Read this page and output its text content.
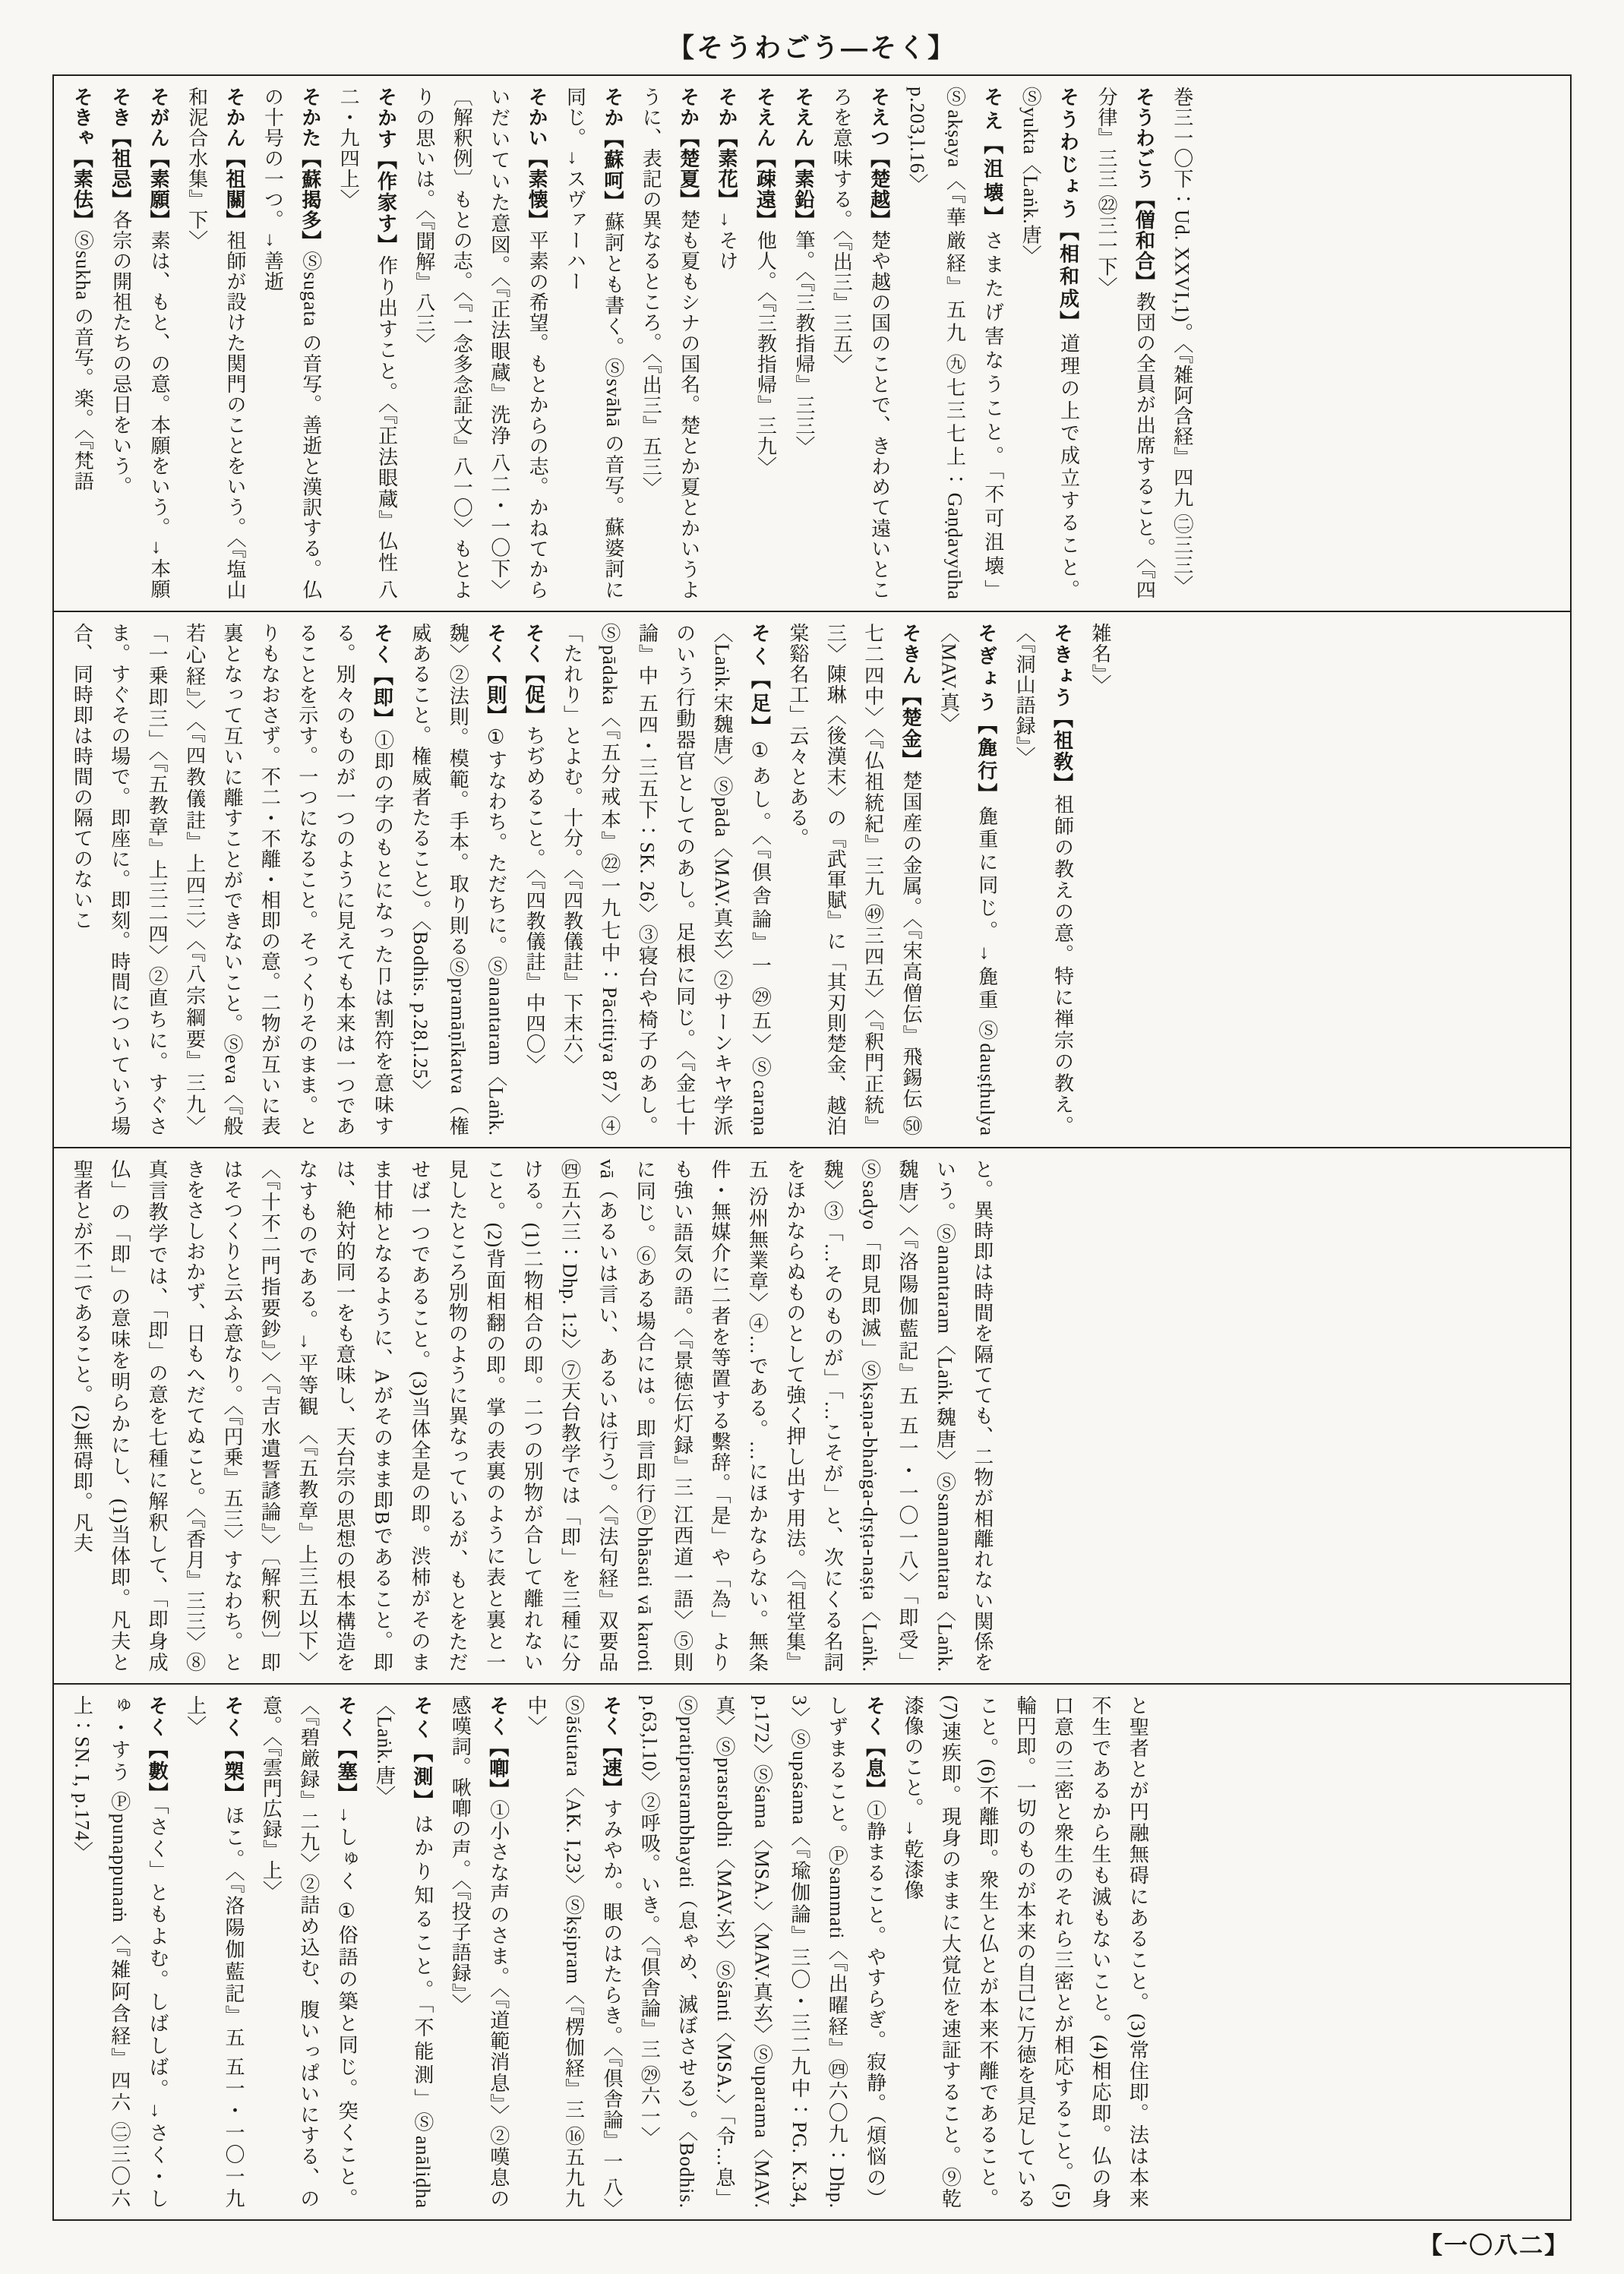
【そうわごう―そく】
巻三一〇下：Ud. XXVI,1)。〈『雑阿含経』四九 ㊁三三〉
そうわごう【僧和合】教団の全員が出席すること。〈『四分律』三三 ㉒三一下〉
そうわじょう【相和成】道理の上で成立すること。Ⓢyukta〈Laṅk.唐〉
そえ【沮壊】さまたげ害なうこと。「不可沮壊」Ⓢakṣaya〈『華厳経』五九 ㊈七三七上：Gaṇḍavyūha p.203,l.16〉
そえつ【楚越】楚や越の国のことで、きわめて遠いところを意味する。〈『出三』三五〉
そえん【素鉛】筆。〈『三教指帰』三三〉
そえん【疎遠】他人。〈『三教指帰』三九〉
そか【素花】→そけ
そか【楚夏】楚も夏もシナの国名。楚とか夏とかいうように、表記の異なるところ。〈『出三』五三〉
そか【蘇呵】蘇訶とも書く。Ⓢsvāhā の音写。蘇婆訶に同じ。→スヴァーハー
そかい【素懐】平素の希望。もとからの志。かねてからいだいていた意図。〈『正法眼蔵』洗浄 八二・一〇下〉〔解釈例〕もとの志。〈『一念多念証文』八一〇〉もとよりの思いは。〈『聞解』八三〉
そかす【作家す】作り出すこと。〈『正法眼蔵』仏性 八二・九四上〉
そかた【蘇揭多】Ⓢsugata の音写。善逝と漢訳する。仏の十号の一つ。→善逝
そかん【祖關】祖師が設けた関門のことをいう。〈『塩山和泥合水集』下〉
そがん【素願】素は、もと、の意。本願をいう。→本願
そき【祖忌】各宗の開祖たちの忌日をいう。
そきゃ【素佉】Ⓢsukha の音写。楽。〈『梵語
雑名』〉
そきょう【祖敎】祖師の教えの意。特に禅宗の教え。〈『洞山語録』〉
そぎょう【麁行】麁重に同じ。→麁重 Ⓢdauṣṭhulya〈MAV.真〉
そきん【楚金】楚国産の金属。〈『宋高僧伝』飛錫伝 ㊿七二四中〉〈『仏祖統紀』三九 ㊾三四五〉〈『釈門正統』三〉陳琳〈後漢末〉の『武軍賦』に「其刃則楚金、越泊棠谿名工」云々とある。
そく【足】①あし。〈『倶舎論』一 ㉙五〉Ⓢcaraṇa〈Laṅk.宋魏唐〉Ⓢpāda〈MAV.真玄〉②サーンキヤ学派のいう行動器官としてのあし。足根に同じ。〈『金七十論』中 五四・三五下：SK. 26〉③寝台や椅子のあし。Ⓢpādaka〈『五分戒本』㉒一九七中：Pācittiya 87〉④「たれり」とよむ。十分。〈『四教儀註』下末六〉
そく【促】ちぢめること。〈『四教儀註』中四〇〉
そく【則】①すなわち。ただちに。Ⓢanantaram〈Laṅk.魏〉②法則。模範。手本。取り則るⓈpramāṇīkatva（権威あること。権威者たること）。〈Bodhis. p.28,l.25〉
そく【即】①即の字のもとになった卩は割符を意味する。別々のものが一つのように見えても本来は一つであることを示す。一つになること。そっくりそのまま。とりもなおさず。不二・不離・相即の意。二物が互いに表裏となって互いに離すことができないこと。Ⓢeva〈『般若心経』〉〈『四教儀註』上四三〉〈『八宗綱要』三九〉「一乗即三」〈『五教章』上三二四〉②直ちに。すぐさま。すぐその場で。即座に。即刻。時間についていう場合、同時即は時間の隔てのないこ
と。異時即は時間を隔てても、二物が相離れない関係をいう。Ⓢanantaram〈Laṅk.魏唐〉Ⓢsamanantara〈Laṅk.魏唐〉〈『洛陽伽藍記』五 五一・一〇一八〉「即受」Ⓢsadyo「即見即滅」Ⓢkṣaṇa-bhaṅga-dṛṣṭa-naṣṭa〈Laṅk.魏〉③「…そのものが」「…こそが」と、次にくる名詞をほかならぬものとして強く押し出す用法。〈『祖堂集』五 汾州無業章〉④…である。…にほかならない。無条件・無媒介に二者を等置する繫辞。「是」や「為」よりも強い語気の語。〈『景徳伝灯録』三 江西道一語〉⑤則に同じ。⑥ある場合には。即言即行Ⓟbhāsati vā karoti vā（あるいは言い、あるいは行う）。〈『法句経』双要品 ㊃五六三：Dhp. 1:2〉⑦天台教学では「即」を三種に分ける。(1)二物相合の即。二つの別物が合して離れないこと。(2)背面相翻の即。掌の表裏のように表と裏と一見したところ別物のように異なっているが、もとをただせば一つであること。(3)当体全是の即。渋柿がそのまま甘柿となるように、Aがそのまま即Bであること。即は、絶対的同一をも意味し、天台宗の思想の根本構造をなすものである。→平等観 〈『五教章』上三五以下〉〈『十不二門指要鈔』〉〈『吉水遺誓諺論』〉〔解釈例〕即はそつくりと云ふ意なり。〈『円乗』五三〉すなわち。ときをさしおかず、日もへだてぬこと。〈『香月』三三〉⑧真言教学では、「即」の意を七種に解釈して、「即身成仏」の「即」の意味を明らかにし、(1)当体即。凡夫と聖者とが不二であること。(2)無碍即。凡夫
と聖者とが円融無碍にあること。(3)常住即。法は本来不生であるから生も滅もないこと。(4)相応即。仏の身口意の三密と衆生のそれら三密とが相応すること。(5)輪円即。一切のものが本来の自己に万徳を具足していること。(6)不離即。衆生と仏とが本来不離であること。(7)速疾即。現身のままに大覚位を速証すること。⑨乾漆像のこと。→乾漆像
そく【息】①静まること。やすらぎ。寂静。（煩悩の）しずまること。Ⓟsammati〈『出曜経』㊃六〇九：Dhp. 3〉Ⓢupaśama〈『瑜伽論』三〇・三二九中：PG. K.34, p.172〉Ⓢśama〈MSA.〉〈MAV.真玄〉Ⓢuparama〈MAV.真〉Ⓢprasrabdhi〈MAV.玄〉Ⓢśānti〈MSA.〉「令…息」Ⓢpratiprasrambhayati（息ゃめ、滅ぼさせる）。〈Bodhis. p.63,l.10〉②呼吸。いき。〈『倶舎論』三 ㉙六一〉
そく【速】すみやか。眼のはたらき。〈『倶舎論』一 八〉Ⓢāśutara〈AK. I,23〉Ⓢkṣipram〈『楞伽経』三 ⑯五九九中〉
そく【喞】①小さな声のさま。〈『道範消息』〉②嘆息の感嘆詞。啾喞の声。〈『投子語録』〉
そく【測】はかり知ること。「不能測」Ⓢanāliḍha〈Laṅk.唐〉
そく【塞】→しゅく ①俗語の築と同じ。突くこと。〈『碧厳録』二九〉②詰め込む、腹いっぱいにする、の意。〈『雲門広録』上〉
そく【槊】ほこ。〈『洛陽伽藍記』五 五一・一〇一九上〉
そく【數】「さく」ともよむ。しばしば。→さく・しゅ・すう Ⓟpunappunaṁ〈『雑阿含経』四六 ㊁三〇六上：SN. I, p.174〉
【一〇八二】
